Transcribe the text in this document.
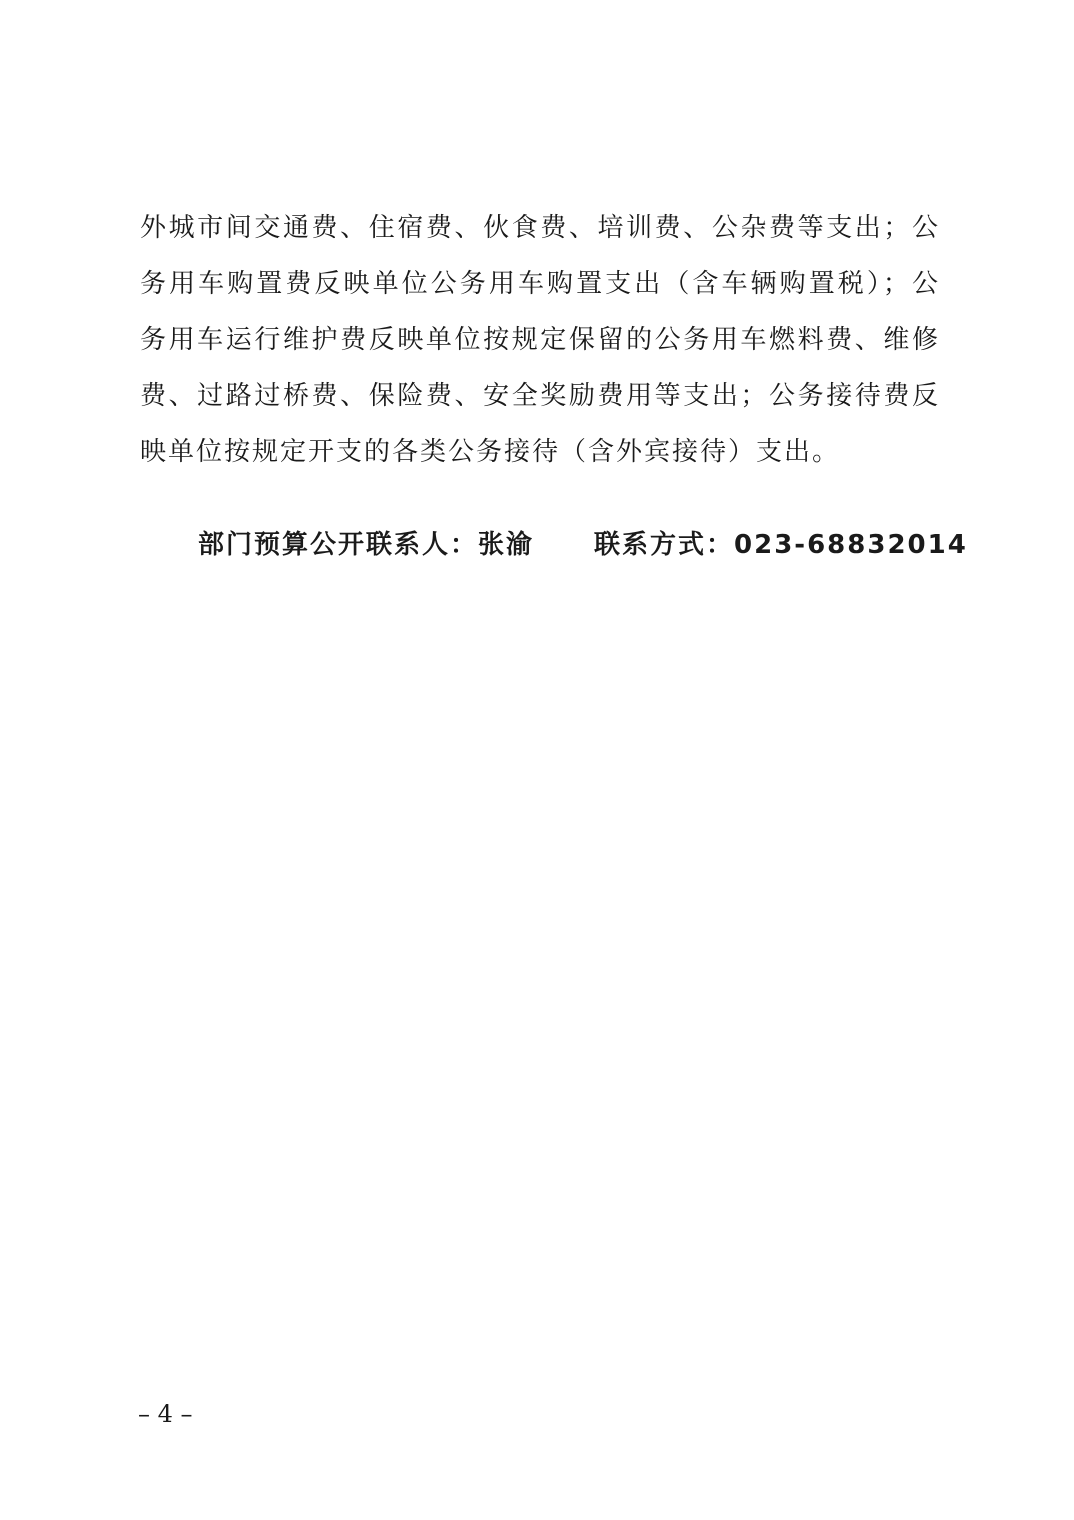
外城市间交通费、住宿费、伙食费、培训费、公杂费等支出；公
务用车购置费反映单位公务用车购置支出（含车辆购置税）；公
务用车运行维护费反映单位按规定保留的公务用车燃料费、维修
费、过路过桥费、保险费、安全奖励费用等支出；公务接待费反
映单位按规定开支的各类公务接待（含外宾接待）支出。
部门预算公开联系人：张渝 联系方式：023-68832014
– 4 –
